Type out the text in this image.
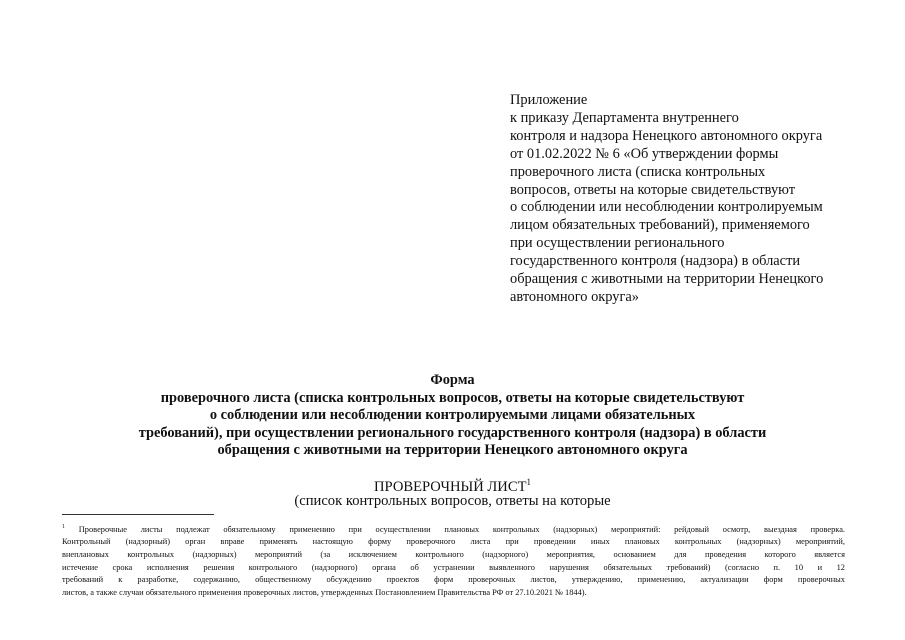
Приложение
к приказу Департамента внутреннего
контроля и надзора Ненецкого автономного округа
от 01.02.2022 № 6 «Об утверждении формы
проверочного листа (списка контрольных
вопросов, ответы на которые свидетельствуют
о соблюдении или несоблюдении контролируемым
лицом обязательных требований), применяемого
при осуществлении регионального
государственного контроля (надзора) в области
обращения с животными на территории Ненецкого
автономного округа»
Форма
проверочного листа (списка контрольных вопросов, ответы на которые свидетельствуют
о соблюдении или несоблюдении контролируемыми лицами обязательных
требований), при осуществлении регионального государственного контроля (надзора) в области
обращения с животными на территории Ненецкого автономного округа
ПРОВЕРОЧНЫЙ ЛИСТ$^1$
(список контрольных вопросов, ответы на которые
$^1$ Проверочные листы подлежат обязательному применению при осуществлении плановых контрольных (надзорных) мероприятий: рейдовый осмотр, выездная проверка.
Контрольный (надзорный) орган вправе применять настоящую форму проверочного листа при проведении иных плановых контрольных (надзорных) мероприятий,
внеплановых контрольных (надзорных) мероприятий (за исключением контрольного (надзорного) мероприятия, основанием для проведения которого является
истечение срока исполнения решения контрольного (надзорного) органа об устранении выявленного нарушения обязательных требований) (согласно п. 10 и 12
требований к разработке, содержанию, общественному обсуждению проектов форм проверочных листов, утверждению, применению, актуализации форм проверочных
листов, а также случаи обязательного применения проверочных листов, утвержденных Постановлением Правительства РФ от 27.10.2021 № 1844).
